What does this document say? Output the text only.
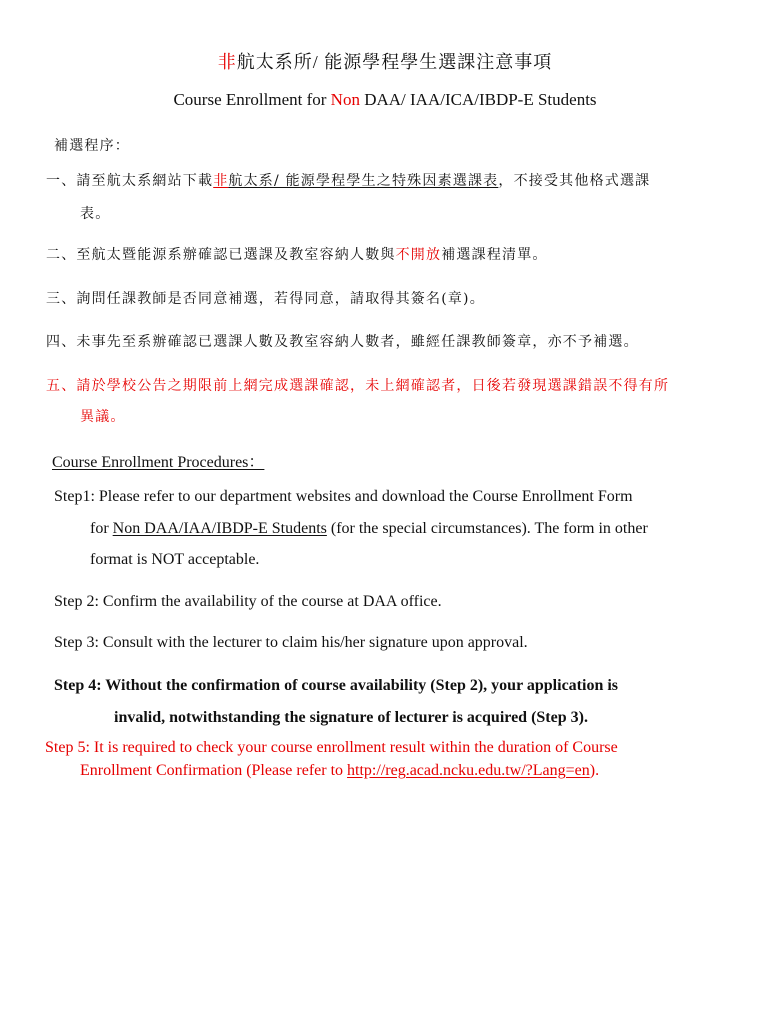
非航太系所/ 能源學程學生選課注意事項
Course Enrollment for Non DAA/ IAA/ICA/IBDP-E Students
補選程序：
一、請至航太系網站下載非航太系/ 能源學程學生之特殊因素選課表，不接受其他格式選課
表。
二、至航太暨能源系辦確認已選課及教室容納人數與不開放補選課程清單。
三、詢問任課教師是否同意補選，若得同意，請取得其簽名(章)。
四、未事先至系辦確認已選課人數及教室容納人數者，雖經任課教師簽章，亦不予補選。
五、請於學校公告之期限前上網完成選課確認，未上網確認者，日後若發現選課錯誤不得有所
異議。
Course Enrollment Procedures：
Step1: Please refer to our department websites and download the Course Enrollment Form
for Non DAA/IAA/IBDP-E Students (for the special circumstances). The form in other
format is NOT acceptable.
Step 2: Confirm the availability of the course at DAA office.
Step 3: Consult with the lecturer to claim his/her signature upon approval.
Step 4: Without the confirmation of course availability (Step 2), your application is
invalid, notwithstanding the signature of lecturer is acquired (Step 3).
Step 5: It is required to check your course enrollment result within the duration of Course
Enrollment Confirmation (Please refer to http://reg.acad.ncku.edu.tw/?Lang=en).
